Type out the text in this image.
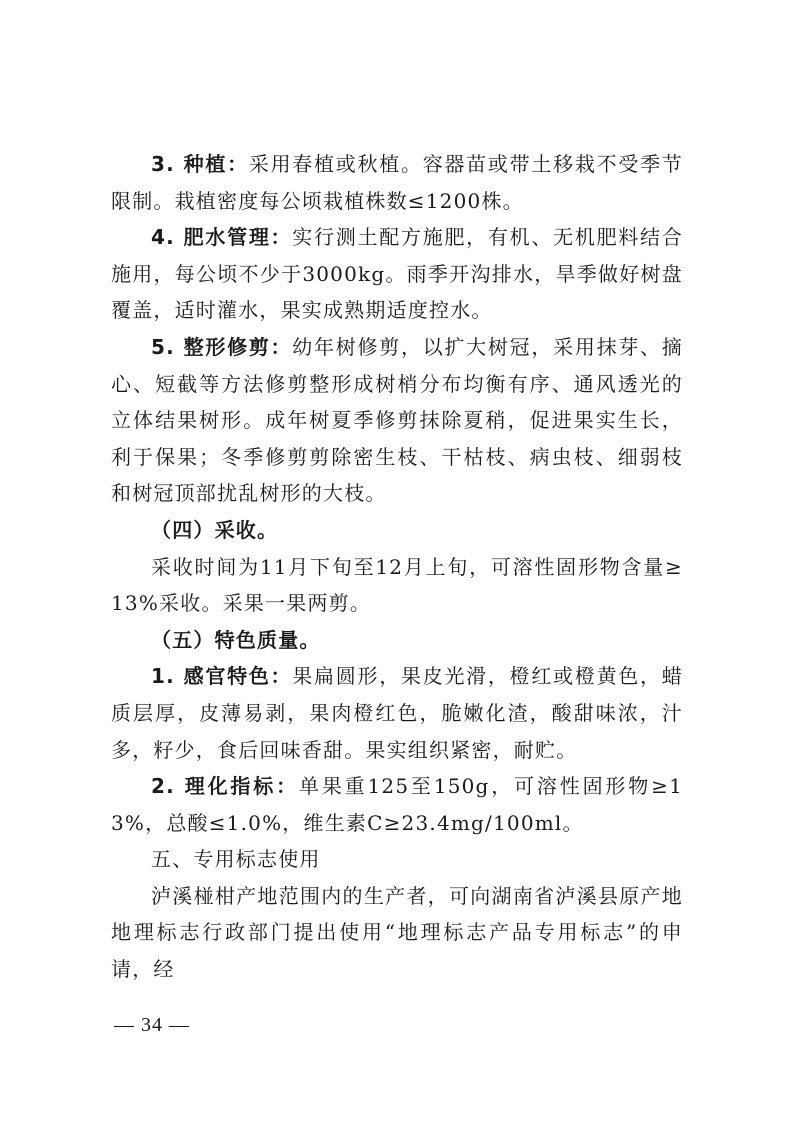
3. 种植：采用春植或秋植。容器苗或带土移栽不受季节限制。栽植密度每公顷栽植株数≤1200株。

4. 肥水管理：实行测土配方施肥，有机、无机肥料结合施用，每公顷不少于3000kg。雨季开沟排水，旱季做好树盘覆盖，适时灌水，果实成熟期适度控水。

5. 整形修剪：幼年树修剪，以扩大树冠，采用抹芽、摘心、短截等方法修剪整形成树梢分布均衡有序、通风透光的立体结果树形。成年树夏季修剪抹除夏稍，促进果实生长，利于保果；冬季修剪剪除密生枝、干枯枝、病虫枝、细弱枝和树冠顶部扰乱树形的大枝。

（四）采收。

采收时间为11月下旬至12月上旬，可溶性固形物含量≥13%采收。采果一果两剪。

（五）特色质量。

1. 感官特色：果扁圆形，果皮光滑，橙红或橙黄色，蜡质层厚，皮薄易剥，果肉橙红色，脆嫩化渣，酸甜味浓，汁多，籽少，食后回味香甜。果实组织紧密，耐贮。

2. 理化指标：单果重125至150g，可溶性固形物≥13%，总酸≤1.0%，维生素C≥23.4mg/100ml。

五、专用标志使用

泸溪椪柑产地范围内的生产者，可向湖南省泸溪县原产地地理标志行政部门提出使用“地理标志产品专用标志”的申请，经

— 34 —
